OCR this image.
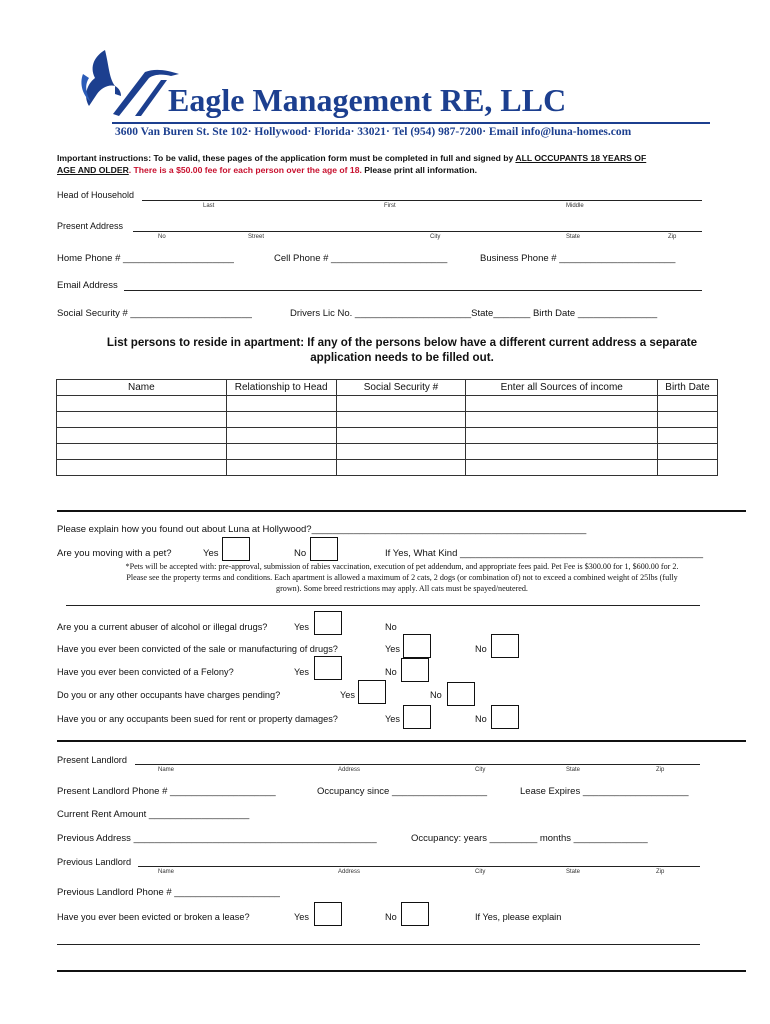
Eagle Management RE, LLC
3600 Van Buren St. Ste 102· Hollywood· Florida· 33021· Tel (954) 987-7200· Email info@luna-homes.com
Important instructions: To be valid, these pages of the application form must be completed in full and signed by ALL OCCUPANTS 18 YEARS OF
AGE AND OLDER. There is a $50.00 fee for each person over the age of 18. Please print all information.
Head of Household
Last	First	Middle
Present Address
No	Street	City	State	Zip
Home Phone # _____________________	Cell Phone # ______________________	Business Phone # ______________________
Email Address
Social Security # _______________________	Drivers Lic No. ______________________State_______ Birth Date _______________
List persons to reside in apartment: If any of the persons below have a different current address a separate
application needs to be filled out.
Name	Relationship to Head	Social Security #	Enter all Sources of income	Birth Date

Please explain how you found out about Luna at Hollywood?____________________________________________________
Are you moving with a pet?	Yes	No	If Yes, What Kind ______________________________________________
*Pets will be accepted with: pre-approval, submission of rabies vaccination, execution of pet addendum, and appropriate fees paid. Pet Fee is $300.00 for 1, $600.00 for 2.
Please see the property terms and conditions. Each apartment is allowed a maximum of 2 cats, 2 dogs (or combination of) not to exceed a combined weight of 25lbs (fully
grown). Some breed restrictions may apply. All cats must be spayed/neutered.
Are you a current abuser of alcohol or illegal drugs?	Yes	No
Have you ever been convicted of the sale or manufacturing of drugs?	Yes	No
Have you ever been convicted of a Felony?	Yes	No
Do you or any other occupants have charges pending?	Yes	No
Have you or any occupants been sued for rent or property damages?	Yes	No
Present Landlord
Name	Address	City	State	Zip
Present Landlord Phone # ____________________	Occupancy since __________________	Lease Expires ____________________
Current Rent Amount ___________________
Previous Address ______________________________________________	Occupancy: years _________ months ______________
Previous Landlord
Name	Address	City	State	Zip
Previous Landlord Phone # ____________________
Have you ever been evicted or broken a lease?	Yes	No	If Yes, please explain
